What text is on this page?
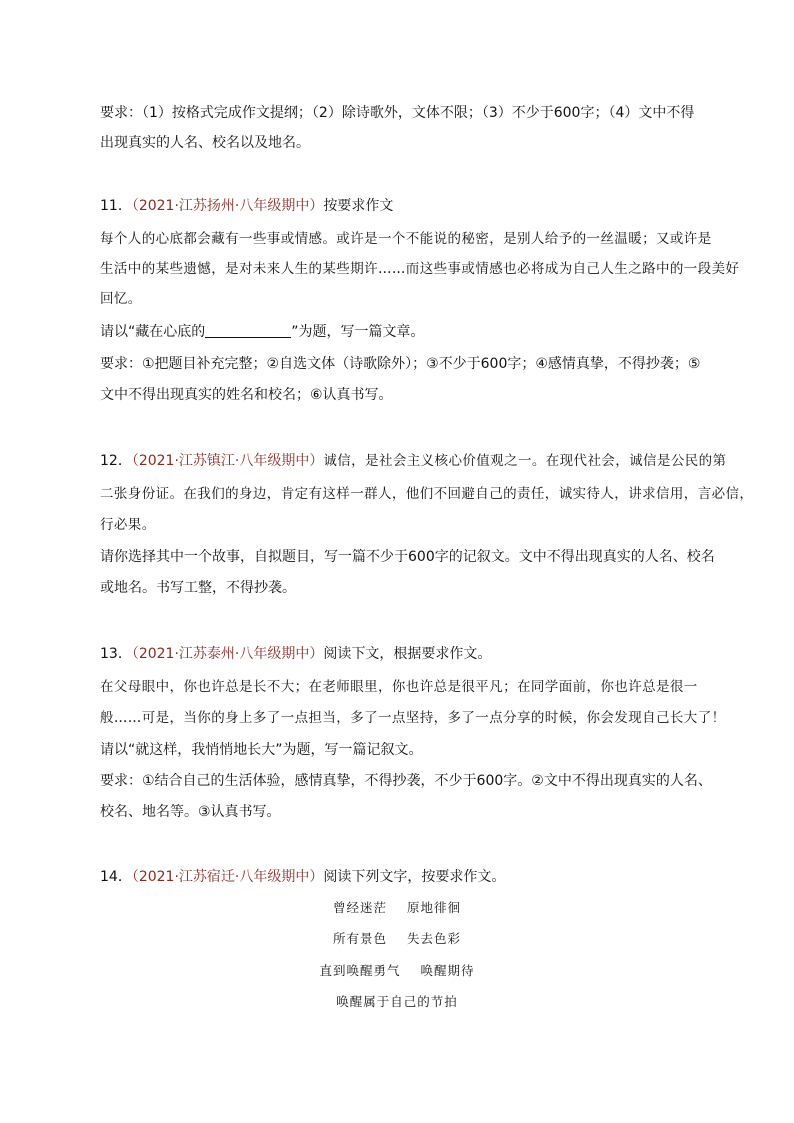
要求：（1）按格式完成作文提纲；（2）除诗歌外，文体不限；（3）不少于600字；（4）文中不得
出现真实的人名、校名以及地名。
11．（2021·江苏扬州·八年级期中）按要求作文
每个人的心底都会藏有一些事或情感。或许是一个不能说的秘密，是别人给予的一丝温暖；又或许是
生活中的某些遗憾，是对未来人生的某些期许……而这些事或情感也必将成为自己人生之路中的一段美好
回忆。
请以“藏在心底的	”为题，写一篇文章。
要求：①把题目补充完整；②自选文体（诗歌除外）；③不少于600字；④感情真挚，不得抄袭；⑤
文中不得出现真实的姓名和校名；⑥认真书写。
12．（2021·江苏镇江·八年级期中）诚信，是社会主义核心价值观之一。在现代社会，诚信是公民的第
二张身份证。在我们的身边，肯定有这样一群人，他们不回避自己的责任，诚实待人，讲求信用，言必信，
行必果。
请你选择其中一个故事，自拟题目，写一篇不少于600字的记叙文。文中不得出现真实的人名、校名
或地名。书写工整，不得抄袭。
13．（2021·江苏泰州·八年级期中）阅读下文，根据要求作文。
在父母眼中，你也许总是长不大；在老师眼里，你也许总是很平凡；在同学面前，你也许总是很一
般……可是，当你的身上多了一点担当，多了一点坚持，多了一点分享的时候，你会发现自己长大了！
请以“就这样，我悄悄地长大”为题，写一篇记叙文。
要求：①结合自己的生活体验，感情真挚，不得抄袭，不少于600字。②文中不得出现真实的人名、
校名、地名等。③认真书写。
14．（2021·江苏宿迁·八年级期中）阅读下列文字，按要求作文。
曾经迷茫    原地徘徊
所有景色    失去色彩
直到唤醒勇气    唤醒期待
唤醒属于自己的节拍
